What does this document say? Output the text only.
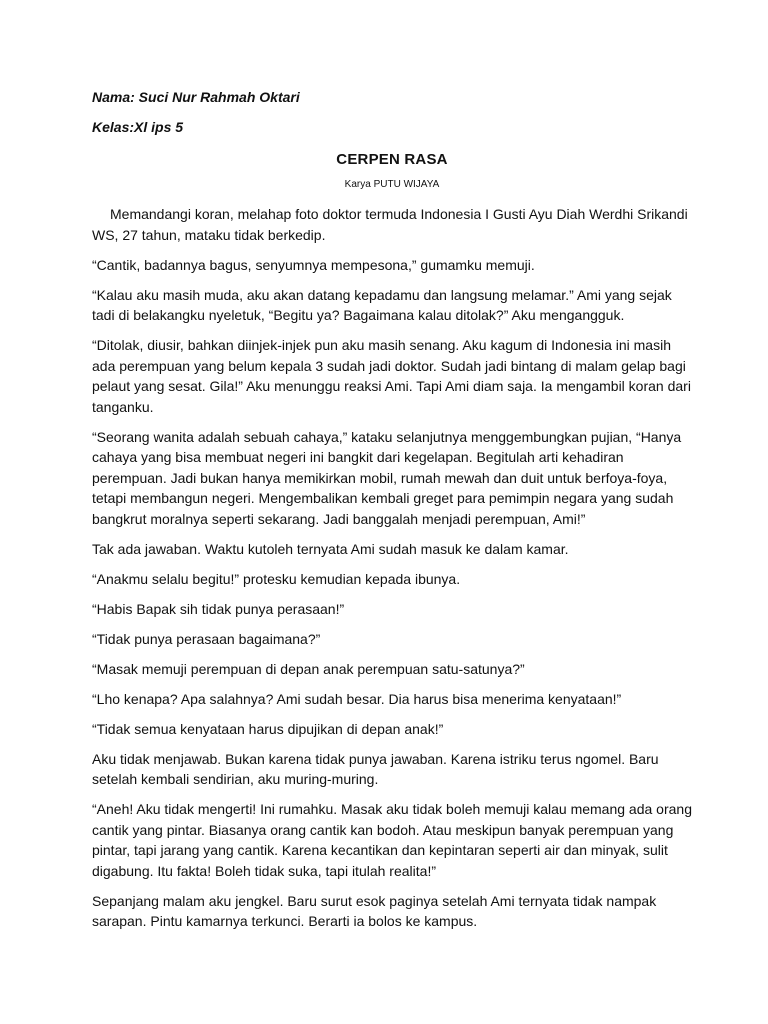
Nama: Suci Nur Rahmah Oktari

Kelas:Xl ips 5

CERPEN RASA

Karya PUTU WIJAYA

Memandangi koran, melahap foto doktor termuda Indonesia I Gusti Ayu Diah Werdhi Srikandi WS, 27 tahun, mataku tidak berkedip.

“Cantik, badannya bagus, senyumnya mempesona,” gumamku memuji.

“Kalau aku masih muda, aku akan datang kepadamu dan langsung melamar.” Ami yang sejak tadi di belakangku nyeletuk, “Begitu ya? Bagaimana kalau ditolak?” Aku mengangguk.

“Ditolak, diusir, bahkan diinjek-injek pun aku masih senang. Aku kagum di Indonesia ini masih ada perempuan yang belum kepala 3 sudah jadi doktor. Sudah jadi bintang di malam gelap bagi pelaut yang sesat. Gila!” Aku menunggu reaksi Ami. Tapi Ami diam saja. Ia mengambil koran dari tanganku.

“Seorang wanita adalah sebuah cahaya,” kataku selanjutnya menggembungkan pujian, “Hanya cahaya yang bisa membuat negeri ini bangkit dari kegelapan. Begitulah arti kehadiran perempuan. Jadi bukan hanya memikirkan mobil, rumah mewah dan duit untuk berfoya-foya, tetapi membangun negeri. Mengembalikan kembali greget para pemimpin negara yang sudah bangkrut moralnya seperti sekarang. Jadi banggalah menjadi perempuan, Ami!”

Tak ada jawaban. Waktu kutoleh ternyata Ami sudah masuk ke dalam kamar.

“Anakmu selalu begitu!” protesku kemudian kepada ibunya.

“Habis Bapak sih tidak punya perasaan!”

“Tidak punya perasaan bagaimana?”

“Masak memuji perempuan di depan anak perempuan satu-satunya?”

“Lho kenapa? Apa salahnya? Ami sudah besar. Dia harus bisa menerima kenyataan!”

“Tidak semua kenyataan harus dipujikan di depan anak!”

Aku tidak menjawab. Bukan karena tidak punya jawaban. Karena istriku terus ngomel. Baru setelah kembali sendirian, aku muring-muring.

“Aneh! Aku tidak mengerti! Ini rumahku. Masak aku tidak boleh memuji kalau memang ada orang cantik yang pintar. Biasanya orang cantik kan bodoh. Atau meskipun banyak perempuan yang pintar, tapi jarang yang cantik. Karena kecantikan dan kepintaran seperti air dan minyak, sulit digabung. Itu fakta! Boleh tidak suka, tapi itulah realita!”

Sepanjang malam aku jengkel. Baru surut esok paginya setelah Ami ternyata tidak nampak sarapan. Pintu kamarnya terkunci. Berarti ia bolos ke kampus.
